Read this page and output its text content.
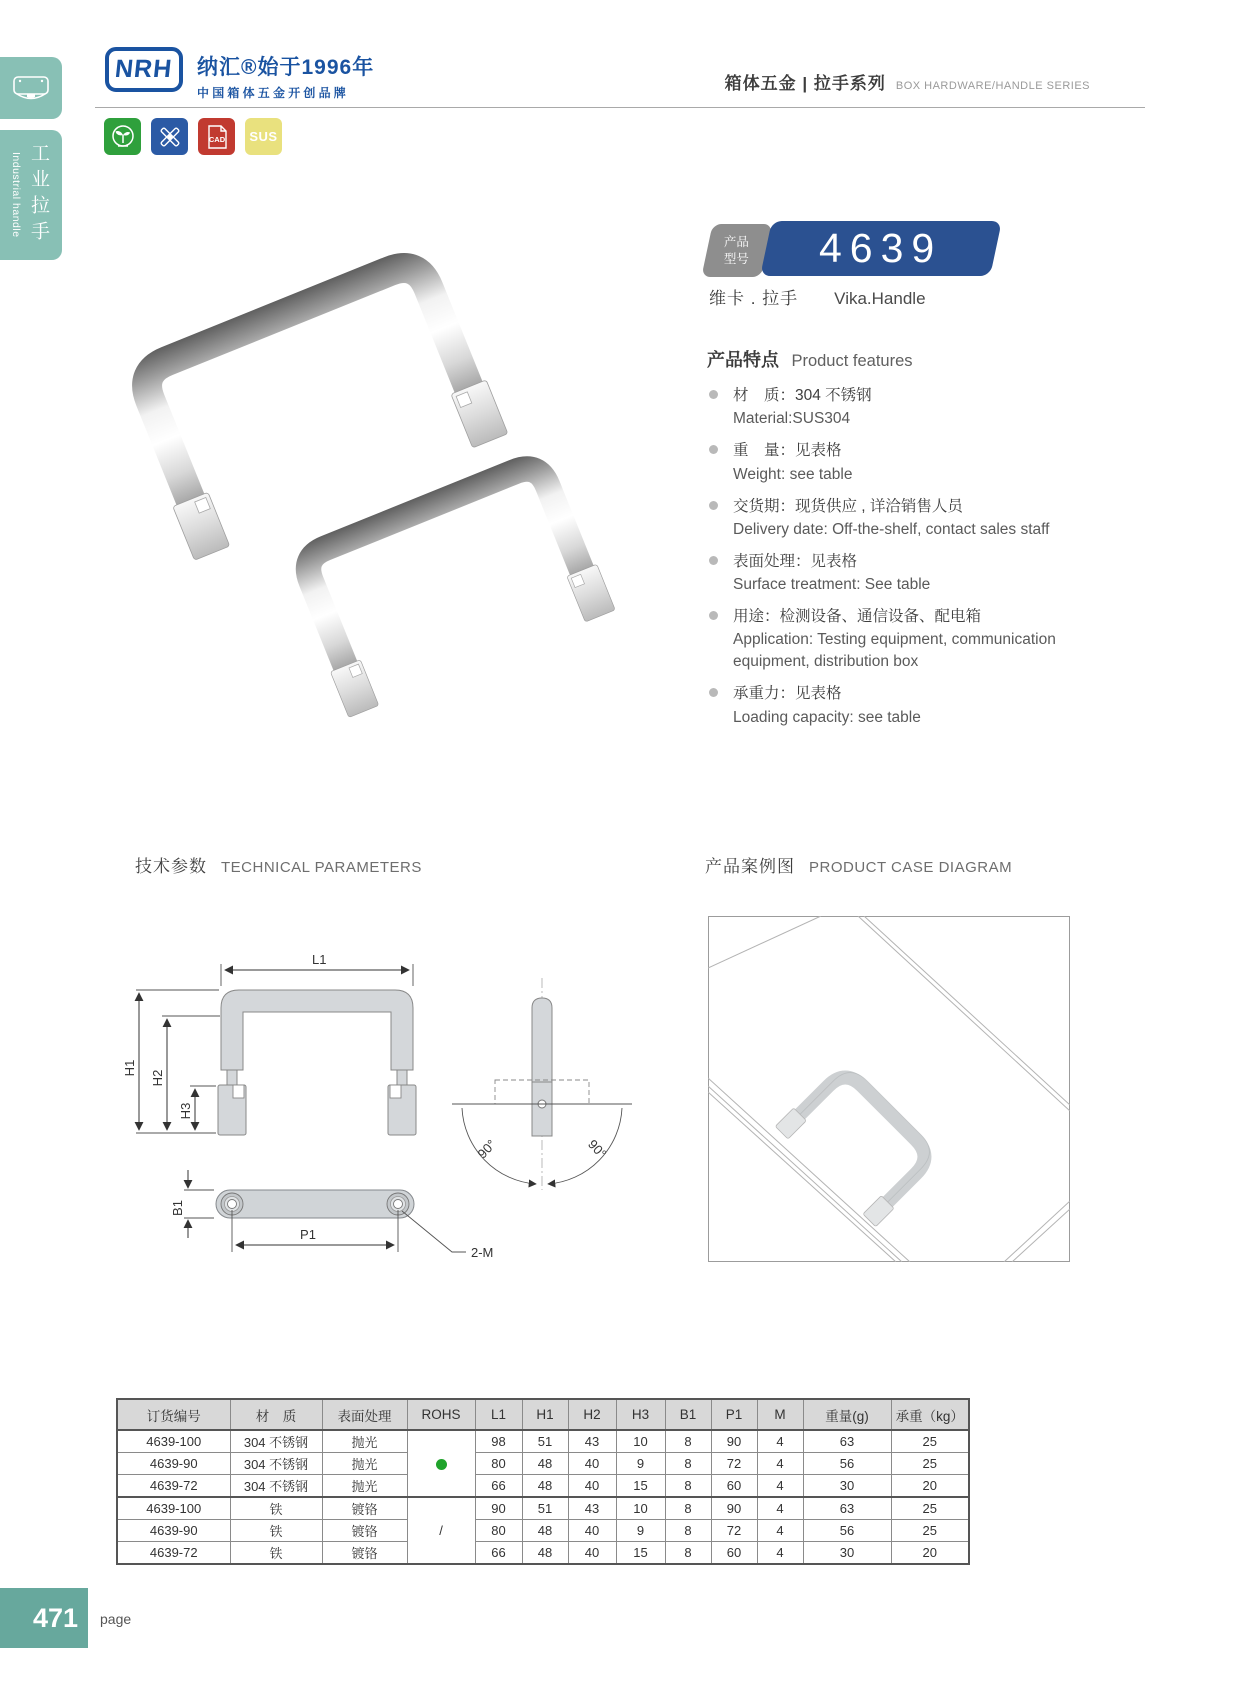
Industrial handle 工业拉手
NRH 纳汇®始于1996年
中国箱体五金开创品牌	箱体五金 | 拉手系列 BOX HARDWARE/HANDLE SERIES
CAD SUS
产品
型号 4639
维卡 . 拉手 Vika.Handle
产品特点 Product features
材　质：304 不锈钢
Material:SUS304
重　量：见表格
Weight: see table
交货期：现货供应 , 详洽销售人员
Delivery date: Off-the-shelf, contact sales staff
表面处理：见表格
Surface treatment: See table
用途：检测设备、通信设备、配电箱
Application: Testing equipment, communication equipment, distribution box
承重力：见表格
Loading capacity: see table
技术参数 TECHNICAL PARAMETERS	产品案例图 PRODUCT CASE DIAGRAM
L1
H1
H2
H3
90°	90°
B1
P1
2-M
订货编号	材　质	表面处理	ROHS	L1	H1	H2	H3	B1	P1	M	重量(g)	承重（kg）
4639-100	304 不锈钢	抛光		98	51	43	10	8	90	4	63	25
4639-90	304 不锈钢	抛光		80	48	40	9	8	72	4	56	25
4639-72	304 不锈钢	抛光		66	48	40	15	8	60	4	30	20
4639-100	铁	镀铬	/	90	51	43	10	8	90	4	63	25
4639-90	铁	镀铬		80	48	40	9	8	72	4	56	25
4639-72	铁	镀铬		66	48	40	15	8	60	4	30	20
471 page
